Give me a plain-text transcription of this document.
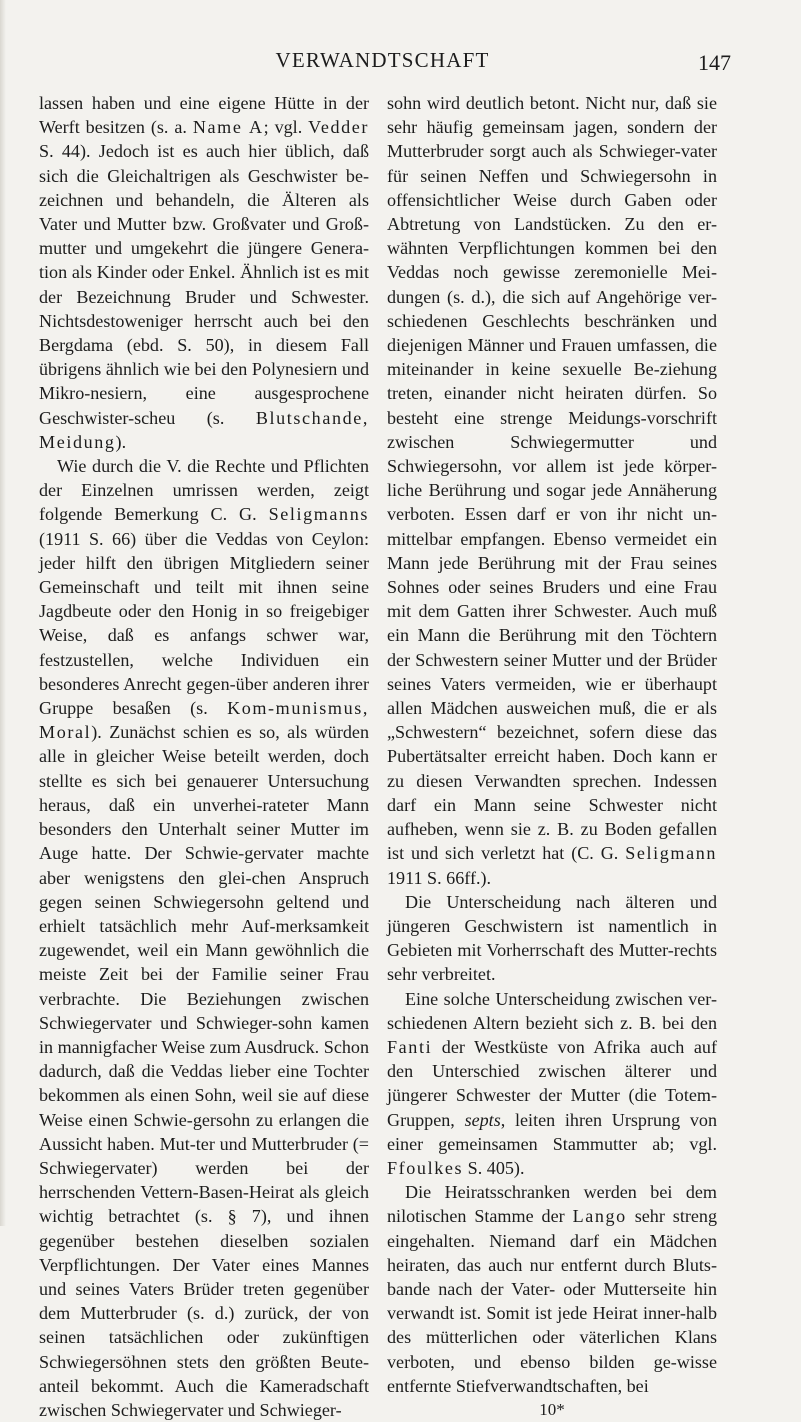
VERWANDTSCHAFT	147

lassen haben und eine eigene Hütte in der Werft besitzen (s. a. Name A; vgl. Vedder S. 44). Jedoch ist es auch hier üblich, daß sich die Gleichaltrigen als Geschwister be-zeichnen und behandeln, die Älteren als Vater und Mutter bzw. Großvater und Groß-mutter und umgekehrt die jüngere Genera-tion als Kinder oder Enkel. Ähnlich ist es mit der Bezeichnung Bruder und Schwester. Nichtsdestoweniger herrscht auch bei den Bergdama (ebd. S. 50), in diesem Fall übrigens ähnlich wie bei den Polynesiern und Mikro-nesiern, eine ausgesprochene Geschwister-scheu (s. Blutschande, Meidung).

Wie durch die V. die Rechte und Pflichten der Einzelnen umrissen werden, zeigt folgende Bemerkung C. G. Seligmanns (1911 S. 66) über die Veddas von Ceylon: jeder hilft den übrigen Mitgliedern seiner Gemeinschaft und teilt mit ihnen seine Jagdbeute oder den Honig in so freigebiger Weise, daß es anfangs schwer war, festzustellen, welche Individuen ein besonderes Anrecht gegen-über anderen ihrer Gruppe besaßen (s. Kom-munismus, Moral). Zunächst schien es so, als würden alle in gleicher Weise beteilt werden, doch stellte es sich bei genauerer Untersuchung heraus, daß ein unverhei-rateter Mann besonders den Unterhalt seiner Mutter im Auge hatte. Der Schwie-gervater machte aber wenigstens den glei-chen Anspruch gegen seinen Schwiegersohn geltend und erhielt tatsächlich mehr Auf-merksamkeit zugewendet, weil ein Mann gewöhnlich die meiste Zeit bei der Familie seiner Frau verbrachte. Die Beziehungen zwischen Schwiegervater und Schwieger-sohn kamen in mannigfacher Weise zum Ausdruck. Schon dadurch, daß die Veddas lieber eine Tochter bekommen als einen Sohn, weil sie auf diese Weise einen Schwie-gersohn zu erlangen die Aussicht haben. Mut-ter und Mutterbruder (= Schwiegervater) werden bei der herrschenden Vettern-Basen-Heirat als gleich wichtig betrachtet (s. § 7), und ihnen gegenüber bestehen dieselben sozialen Verpflichtungen. Der Vater eines Mannes und seines Vaters Brüder treten gegenüber dem Mutterbruder (s. d.) zurück, der von seinen tatsächlichen oder zukünftigen Schwiegersöhnen stets den größten Beute-anteil bekommt. Auch die Kameradschaft zwischen Schwiegervater und Schwieger-

sohn wird deutlich betont. Nicht nur, daß sie sehr häufig gemeinsam jagen, sondern der Mutterbruder sorgt auch als Schwieger-vater für seinen Neffen und Schwiegersohn in offensichtlicher Weise durch Gaben oder Abtretung von Landstücken. Zu den er-wähnten Verpflichtungen kommen bei den Veddas noch gewisse zeremonielle Mei-dungen (s. d.), die sich auf Angehörige ver-schiedenen Geschlechts beschränken und diejenigen Männer und Frauen umfassen, die miteinander in keine sexuelle Be-ziehung treten, einander nicht heiraten dürfen. So besteht eine strenge Meidungs-vorschrift zwischen Schwiegermutter und Schwiegersohn, vor allem ist jede körper-liche Berührung und sogar jede Annäherung verboten. Essen darf er von ihr nicht un-mittelbar empfangen. Ebenso vermeidet ein Mann jede Berührung mit der Frau seines Sohnes oder seines Bruders und eine Frau mit dem Gatten ihrer Schwester. Auch muß ein Mann die Berührung mit den Töchtern der Schwestern seiner Mutter und der Brüder seines Vaters vermeiden, wie er überhaupt allen Mädchen ausweichen muß, die er als „Schwestern“ bezeichnet, sofern diese das Pubertätsalter erreicht haben. Doch kann er zu diesen Verwandten sprechen. Indessen darf ein Mann seine Schwester nicht aufheben, wenn sie z. B. zu Boden gefallen ist und sich verletzt hat (C. G. Seligmann 1911 S. 66ff.).

Die Unterscheidung nach älteren und jüngeren Geschwistern ist namentlich in Gebieten mit Vorherrschaft des Mutter-rechts sehr verbreitet.

Eine solche Unterscheidung zwischen ver-schiedenen Altern bezieht sich z. B. bei den Fanti der Westküste von Afrika auch auf den Unterschied zwischen älterer und jüngerer Schwester der Mutter (die Totem-Gruppen, septs, leiten ihren Ursprung von einer gemeinsamen Stammutter ab; vgl. Ffoulkes S. 405).

Die Heiratsschranken werden bei dem nilotischen Stamme der Lango sehr streng eingehalten. Niemand darf ein Mädchen heiraten, das auch nur entfernt durch Bluts-bande nach der Vater- oder Mutterseite hin verwandt ist. Somit ist jede Heirat inner-halb des mütterlichen oder väterlichen Klans verboten, und ebenso bilden ge-wisse entfernte Stiefverwandtschaften, bei

10*
